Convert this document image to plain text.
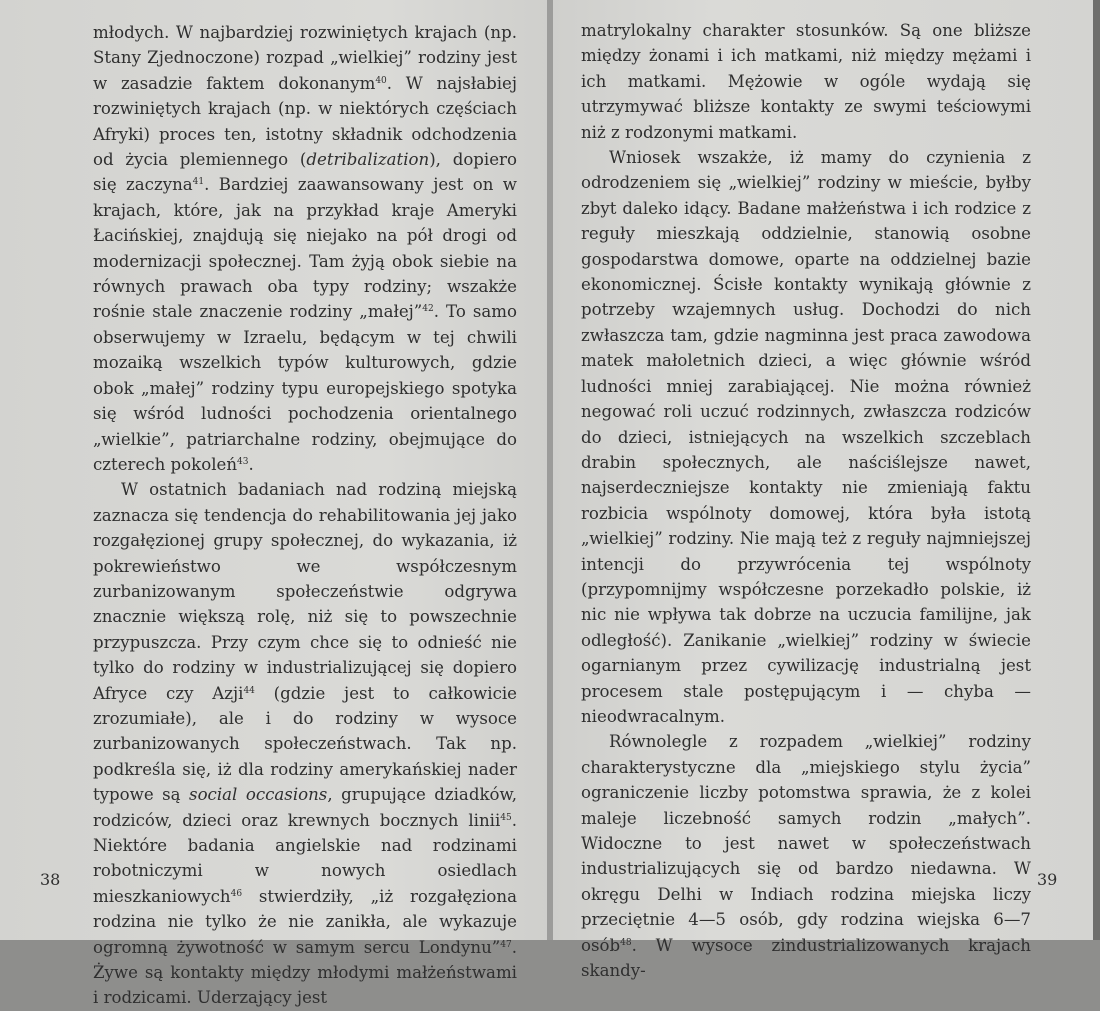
młodych. W najbardziej rozwiniętych krajach (np. Stany Zjednoczone) rozpad „wielkiej” rodziny jest w zasadzie faktem dokonanym$^{40}$. W najsłabiej rozwiniętych krajach (np. w niektórych częściach Afryki) proces ten, istotny składnik odchodzenia od życia plemiennego (detribalization), dopiero się zaczyna$^{41}$. Bardziej zaawansowany jest on w krajach, które, jak na przykład kraje Ameryki Łacińskiej, znajdują się niejako na pół drogi od modernizacji społecznej. Tam żyją obok siebie na równych prawach oba typy rodziny; wszakże rośnie stale znaczenie rodziny „małej”$^{42}$. To samo obserwujemy w Izraelu, będącym w tej chwili mozaiką wszelkich typów kulturowych, gdzie obok „małej” rodziny typu europejskiego spotyka się wśród ludności pochodzenia orientalnego „wielkie”, patriarchalne rodziny, obejmujące do czterech pokoleń$^{43}$.

W ostatnich badaniach nad rodziną miejską zaznacza się tendencja do rehabilitowania jej jako rozgałęzionej grupy społecznej, do wykazania, iż pokrewieństwo we współczesnym zurbanizowanym społeczeństwie odgrywa znacznie większą rolę, niż się to powszechnie przypuszcza. Przy czym chce się to odnieść nie tylko do rodziny w industrializującej się dopiero Afryce czy Azji$^{44}$ (gdzie jest to całkowicie zrozumiałe), ale i do rodziny w wysoce zurbanizowanych społeczeństwach. Tak np. podkreśla się, iż dla rodziny amerykańskiej nader typowe są social occasions, grupujące dziadków, rodziców, dzieci oraz krewnych bocznych linii$^{45}$. Niektóre badania angielskie nad rodzinami robotniczymi w nowych osiedlach mieszkaniowych$^{46}$ stwierdziły, „iż rozgałęziona rodzina nie tylko że nie zanikła, ale wykazuje ogromną żywotność w samym sercu Londynu”$^{47}$. Żywe są kontakty między młodymi małżeństwami i rodzicami. Uderzający jest

38

matrylokalny charakter stosunków. Są one bliższe między żonami i ich matkami, niż między mężami i ich matkami. Mężowie w ogóle wydają się utrzymywać bliższe kontakty ze swymi teściowymi niż z rodzonymi matkami.

Wniosek wszakże, iż mamy do czynienia z odrodzeniem się „wielkiej” rodziny w mieście, byłby zbyt daleko idący. Badane małżeństwa i ich rodzice z reguły mieszkają oddzielnie, stanowią osobne gospodarstwa domowe, oparte na oddzielnej bazie ekonomicznej. Ścisłe kontakty wynikają głównie z potrzeby wzajemnych usług. Dochodzi do nich zwłaszcza tam, gdzie nagminna jest praca zawodowa matek małoletnich dzieci, a więc głównie wśród ludności mniej zarabiającej. Nie można również negować roli uczuć rodzinnych, zwłaszcza rodziców do dzieci, istniejących na wszelkich szczeblach drabin społecznych, ale naściślejsze nawet, najserdeczniejsze kontakty nie zmieniają faktu rozbicia wspólnoty domowej, która była istotą „wielkiej” rodziny. Nie mają też z reguły najmniejszej intencji do przywrócenia tej wspólnoty (przypomnijmy współczesne porzekadło polskie, iż nic nie wpływa tak dobrze na uczucia familijne, jak odległość). Zanikanie „wielkiej” rodziny w świecie ogarnianym przez cywilizację industrialną jest procesem stale postępującym i — chyba — nieodwracalnym.

Równolegle z rozpadem „wielkiej” rodziny charakterystyczne dla „miejskiego stylu życia” ograniczenie liczby potomstwa sprawia, że z kolei maleje liczebność samych rodzin „małych”. Widoczne to jest nawet w społeczeństwach industrializujących się od bardzo niedawna. W okręgu Delhi w Indiach rodzina miejska liczy przeciętnie 4—5 osób, gdy rodzina wiejska 6—7 osób$^{48}$. W wysoce zindustrializowanych krajach skandy-

39
